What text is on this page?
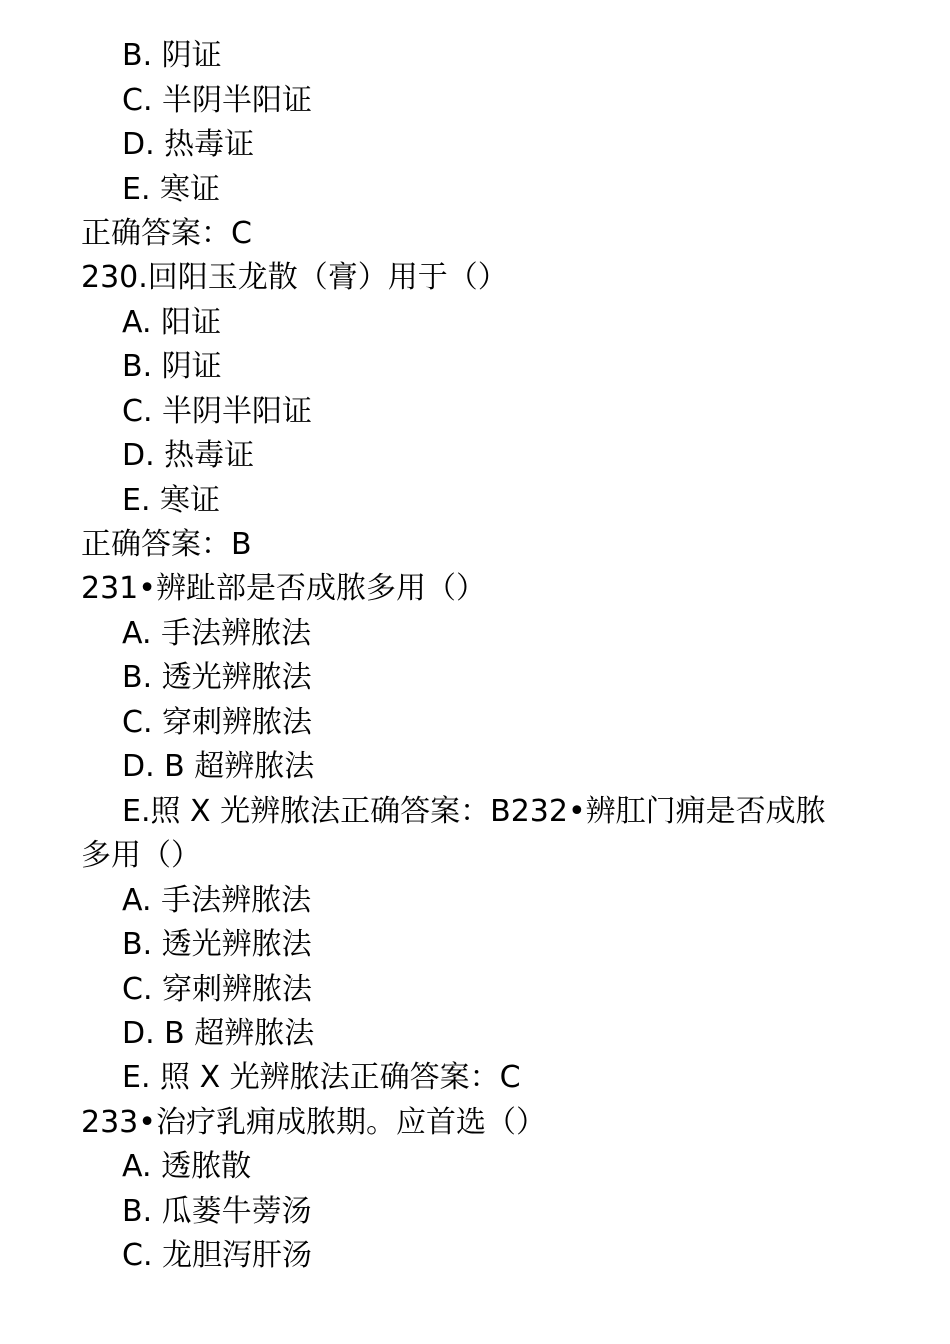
B. 阴证
C. 半阴半阳证
D. 热毒证
E. 寒证
正确答案：C
230.回阳玉龙散（膏）用于（）
A. 阳证
B. 阴证
C. 半阴半阳证
D. 热毒证
E. 寒证
正确答案：B
231•辨趾部是否成脓多用（）
A. 手法辨脓法
B. 透光辨脓法
C. 穿刺辨脓法
D. B 超辨脓法
E.照 X 光辨脓法正确答案：B232•辨肛门痈是否成脓
多用（）
A. 手法辨脓法
B. 透光辨脓法
C. 穿刺辨脓法
D. B 超辨脓法
E. 照 X 光辨脓法正确答案：C
233•治疗乳痈成脓期。应首选（）
A. 透脓散
B. 瓜蒌牛蒡汤
C. 龙胆泻肝汤
